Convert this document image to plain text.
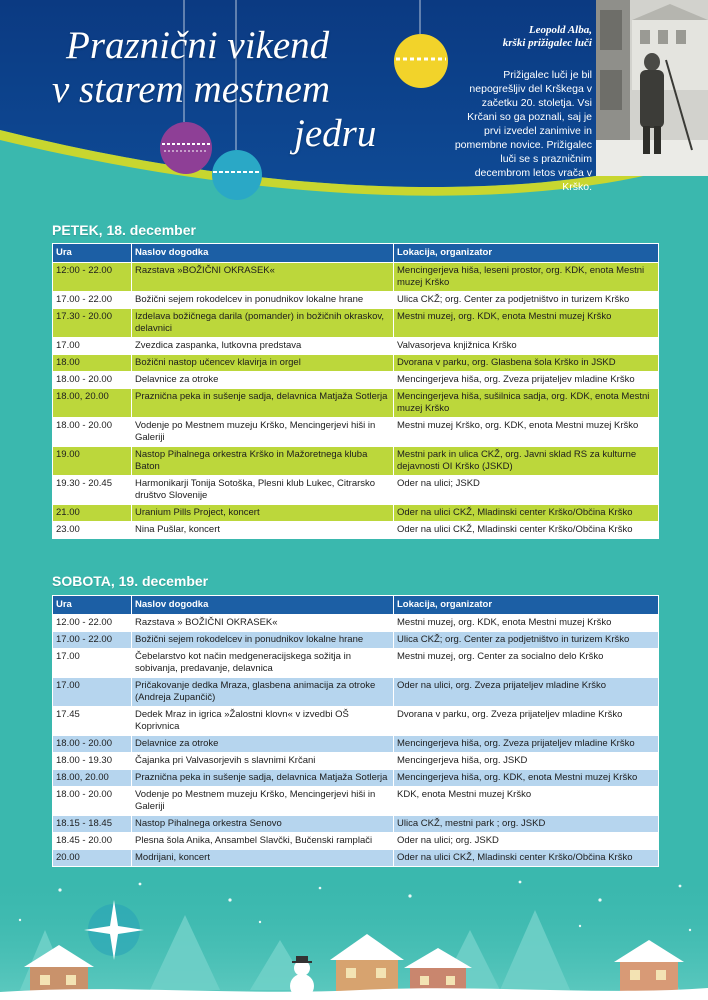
Praznični vikend
v starem mestnem
jedru
Leopold Alba,
krški prižigalec luči
Prižigalec luči je bil nepogrešljiv del Krškega v začetku 20. stoletja. Vsi Krčani so ga poznali, saj je prvi izvedel zanimive in pomembne novice. Prižigalec luči se s prazničnim decembrom letos vrača v Krško.
PETEK, 18. december
Ura	Naslov dogodka	Lokacija, organizator
12:00 - 22.00	Razstava »BOŽIČNI OKRASEK«	Mencingerjeva hiša, leseni prostor, org. KDK, enota Mestni muzej Krško
17.00 - 22.00	Božični sejem rokodelcev in ponudnikov lokalne hrane	Ulica CKŽ; org. Center za podjetništvo in turizem Krško
17.30 - 20.00	Izdelava božičnega darila (pomander) in božičnih okraskov, delavnici	Mestni muzej, org. KDK, enota Mestni muzej Krško
17.00	Zvezdica zaspanka, lutkovna predstava	Valvasorjeva knjižnica Krško
18.00	Božični nastop učencev klavirja in orgel	Dvorana v parku, org. Glasbena šola Krško in JSKD
18.00 - 20.00	Delavnice za otroke	Mencingerjeva hiša, org. Zveza prijateljev mladine Krško
18.00, 20.00	Praznična peka in sušenje sadja, delavnica Matjaža Sotlerja	Mencingerjeva hiša, sušilnica sadja, org. KDK, enota Mestni muzej Krško
18.00 - 20.00	Vodenje po Mestnem muzeju Krško, Mencingerjevi hiši in Galeriji	Mestni muzej Krško, org. KDK, enota Mestni muzej Krško
19.00	Nastop Pihalnega orkestra Krško in Mažoretnega kluba Baton	Mestni park in ulica CKŽ, org. Javni sklad RS za kulturne dejavnosti OI Krško (JSKD)
19.30 - 20.45	Harmonikarji Tonija Sotoška, Plesni klub Lukec, Citrarsko društvo Slovenije	Oder na ulici; JSKD
21.00	Uranium Pills Project, koncert	Oder na ulici CKŽ, Mladinski center Krško/Občina Krško
23.00	Nina Pušlar, koncert	Oder na ulici CKŽ, Mladinski center Krško/Občina Krško
SOBOTA, 19. december
Ura	Naslov dogodka	Lokacija, organizator
12.00 - 22.00	Razstava » BOŽIČNI OKRASEK«	Mestni muzej, org. KDK, enota Mestni muzej Krško
17.00 - 22.00	Božični sejem rokodelcev in ponudnikov lokalne hrane	Ulica CKŽ; org. Center za podjetništvo in turizem Krško
17.00	Čebelarstvo kot način medgeneracijskega sožitja in sobivanja, predavanje, delavnica	Mestni muzej, org. Center za socialno delo Krško
17.00	Pričakovanje dedka Mraza, glasbena animacija za otroke (Andreja Zupančič)	Oder na ulici, org. Zveza prijateljev mladine Krško
17.45	Dedek Mraz in igrica »Žalostni klovn« v izvedbi OŠ Koprivnica	Dvorana v parku, org. Zveza prijateljev mladine Krško
18.00 - 20.00	Delavnice za otroke	Mencingerjeva hiša, org. Zveza prijateljev mladine Krško
18.00 - 19.30	Čajanka pri Valvasorjevih s slavnimi Krčani	Mencingerjeva hiša, org. JSKD
18.00, 20.00	Praznična peka in sušenje sadja, delavnica Matjaža Sotlerja	Mencingerjeva hiša, org. KDK, enota Mestni muzej Krško
18.00 - 20.00	Vodenje po Mestnem muzeju Krško, Mencingerjevi hiši in Galeriji	KDK, enota Mestni muzej Krško
18.15 - 18.45	Nastop Pihalnega orkestra Senovo	Ulica CKŽ, mestni park ; org. JSKD
18.45 - 20.00	Plesna šola Anika, Ansambel Slavčki, Bučenski ramplači	Oder na ulici; org. JSKD
20.00	Modrijani, koncert	Oder na ulici CKŽ, Mladinski center Krško/Občina Krško
